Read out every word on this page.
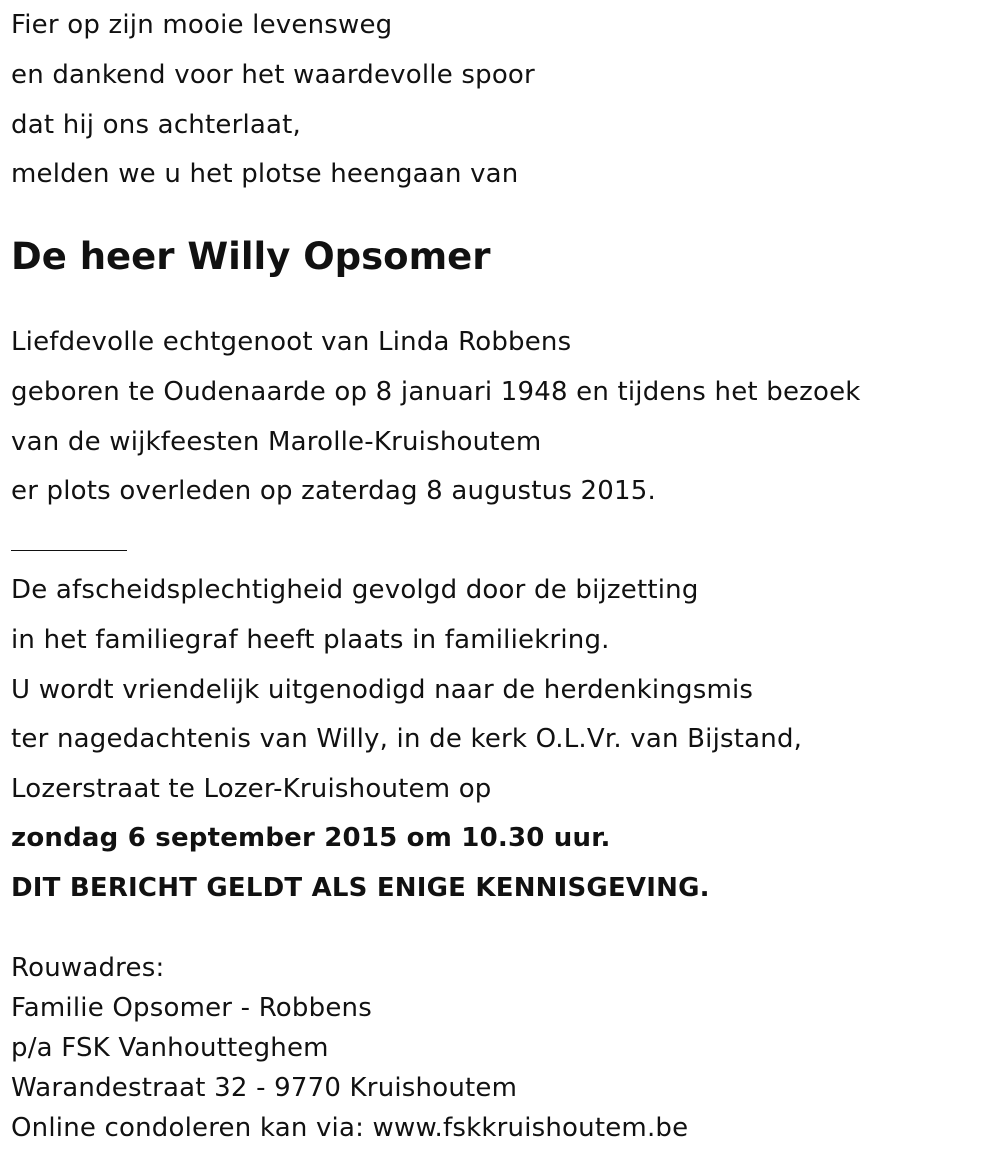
Fier op zijn mooie levensweg
en dankend voor het waardevolle spoor
dat hij ons achterlaat,
melden we u het plotse heengaan van
De heer Willy Opsomer
Liefdevolle echtgenoot van Linda Robbens
geboren te Oudenaarde op 8 januari 1948 en tijdens het bezoek
van de wijkfeesten Marolle-Kruishoutem
er plots overleden op zaterdag 8 augustus 2015.
De afscheidsplechtigheid gevolgd door de bijzetting
in het familiegraf heeft plaats in familiekring.
U wordt vriendelijk uitgenodigd naar de herdenkingsmis
ter nagedachtenis van Willy, in de kerk O.L.Vr. van Bijstand,
Lozerstraat te Lozer-Kruishoutem op
zondag 6 september 2015 om 10.30 uur.
DIT BERICHT GELDT ALS ENIGE KENNISGEVING.
Rouwadres:
Familie Opsomer - Robbens
p/a FSK Vanhoutteghem
Warandestraat 32 - 9770 Kruishoutem
Online condoleren kan via: www.fskkruishoutem.be
